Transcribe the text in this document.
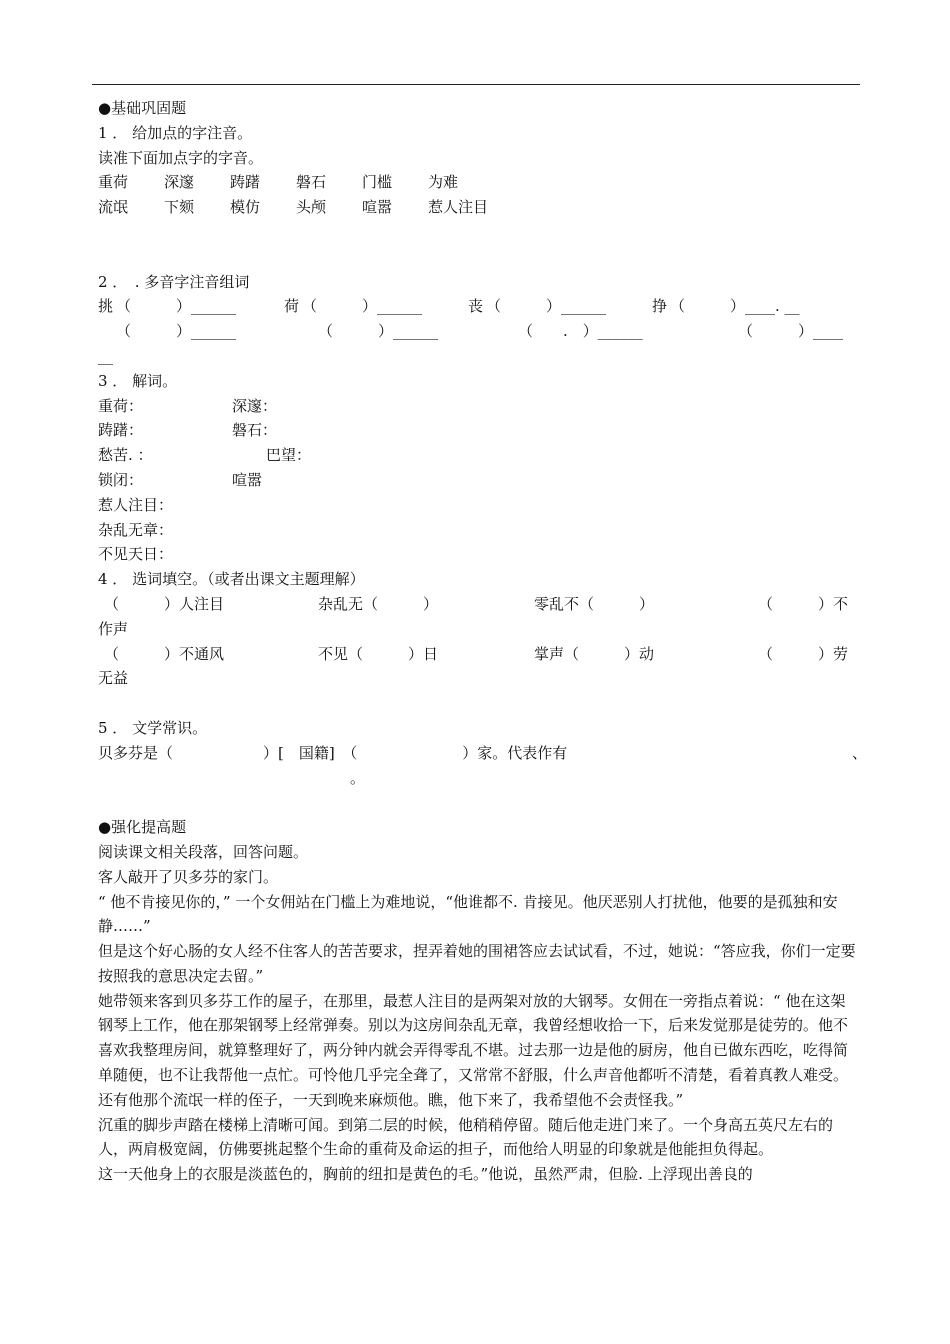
●基础巩固题
1 ． 给加点的字注音。
读准下面加点字的字音。
重荷 深邃 踌躇 磐石 门槛 为难
流氓 下颏 模仿 头颅 喧嚣 惹人注目
2 ．　. 多音字注音组词
挑 （　　　）______	荷 （　　　）______	丧 （　　　）______	挣 （　　　）____. __
（　　　）______	（　　　）______	（　　.　）______	（　　　）____
__
3 ． 解词。
重荷：	深邃：
踌躇：	磐石：
愁苦. ：	巴望：
锁闭：	喧嚣
惹人注目：
杂乱无章：
不见天日：
4 ． 选词填空。（或者出课文主题理解）
（　　　）人注目	杂乱无（　　　）	零乱不（　　　）	（　　　）不
作声
（　　　）不通风	不见（　　　）日	掌声（　　　）动	（　　　）劳
无益
5 ． 文学常识。
贝多芬是（　　　　　　）[　国籍]　（　　　　　　　）家。代表作有	、
。
●强化提高题
阅读课文相关段落，回答问题。
客人敲开了贝多芬的家门。
“ 他不肯接见你的，” 一个女佣站在门槛上为难地说，“他谁都不. 肯接见。他厌恶别人打扰他，他要的是孤独和安静……”
但是这个好心肠的女人经不住客人的苦苦要求，捏弄着她的围裙答应去试试看，不过，她说：“答应我，你们一定要按照我的意思决定去留。”
她带领来客到贝多芬工作的屋子，在那里，最惹人注目的是两架对放的大钢琴。女佣在一旁指点着说：“ 他在这架钢琴上工作，他在那架钢琴上经常弹奏。别以为这房间杂乱无章，我曾经想收拾一下，后来发觉那是徒劳的。他不喜欢我整理房间，就算整理好了，两分钟内就会弄得零乱不堪。过去那一边是他的厨房，他自已做东西吃，吃得简单随便，也不让我帮他一点忙。可怜他几乎完全聋了，又常常不舒服，什么声音他都听不清楚，看着真教人难受。还有他那个流氓一样的侄子，一天到晚来麻烦他。瞧，他下来了，我希望他不会责怪我。”
沉重的脚步声踏在楼梯上清晰可闻。到第二层的时候，他稍稍停留。随后他走进门来了。一个身高五英尺左右的人，两肩极宽阔，仿佛要挑起整个生命的重荷及命运的担子，而他给人明显的印象就是他能担负得起。
这一天他身上的衣服是淡蓝色的，胸前的纽扣是黄色的毛。”他说，虽然严肃，但脸. 上浮现出善良的
